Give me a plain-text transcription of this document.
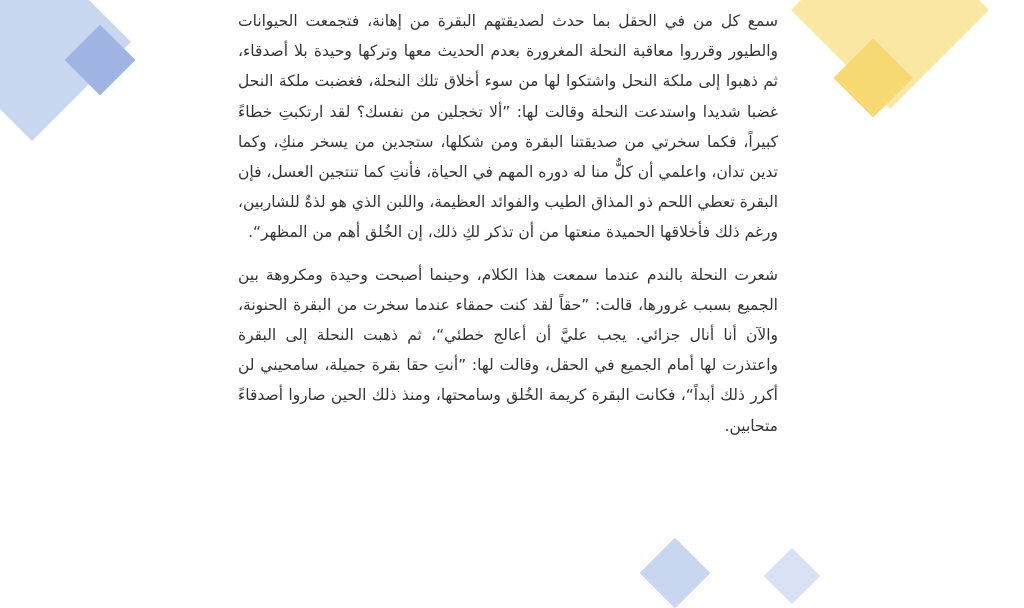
سمع كل من في الحقل بما حدث لصديقتهم البقرة من إهانة، فتجمعت الحيوانات والطيور وقرروا معاقبة النحلة المغرورة بعدم الحديث معها وتركها وحيدة بلا أصدقاء، ثم ذهبوا إلى ملكة النحل واشتكوا لها من سوء أخلاق تلك النحلة، فغضبت ملكة النحل غضبا شديدا واستدعت النحلة وقالت لها: ”ألا تخجلين من نفسك؟ لقد ارتكبتِ خطاءً كبيراً، فكما سخرتي من صديقتنا البقرة ومن شكلها، ستجدين من يسخر منكِ، وكما تدين تدان، واعلمي أن كلٌّ منا له دوره المهم في الحياة، فأنتِ كما تنتجين العسل، فإن البقرة تعطي اللحم ذو المذاق الطيب والفوائد العظيمة، واللبن الذي هو لذةٌ للشاربين، ورغم ذلك فأخلاقها الحميدة منعتها من أن تذكر لكِ ذلك، إن الخُلق أهم من المظهر“.

شعرت النحلة بالندم عندما سمعت هذا الكلام، وحينما أصبحت وحيدة ومكروهة بين الجميع بسبب غرورها، قالت: ”حقاً لقد كنت حمقاء عندما سخرت من البقرة الحنونة، والآن أنا أنال جزائي. يجب عليَّ أن أعالج خطئي“، ثم ذهبت النحلة إلى البقرة واعتذرت لها أمام الجميع في الحقل، وقالت لها: ”أنتِ حقا بقرة جميلة، سامحيني لن أكرر ذلك أبداً“، فكانت البقرة كريمة الخُلق وسامحتها، ومنذ ذلك الحين صاروا أصدقاءً متحابين.
